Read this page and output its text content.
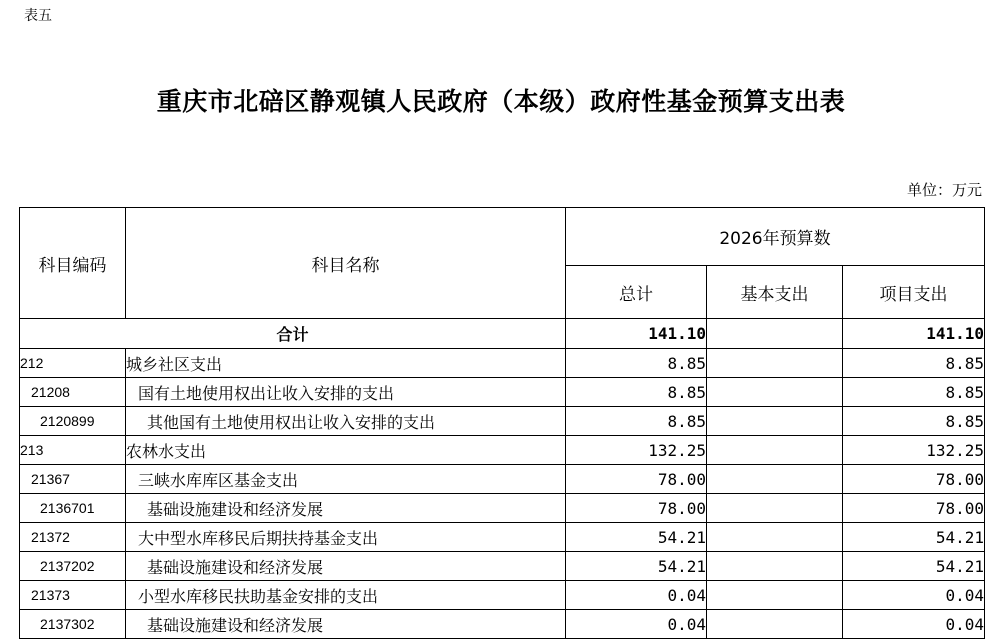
表五
重庆市北碚区静观镇人民政府（本级）政府性基金预算支出表
单位：万元
科目编码	科目名称	2026年预算数		
		总计	基本支出	项目支出
合计		141.10		141.10
212	城乡社区支出	8.85		8.85
21208	国有土地使用权出让收入安排的支出	8.85		8.85
2120899	其他国有土地使用权出让收入安排的支出	8.85		8.85
213	农林水支出	132.25		132.25
21367	三峡水库库区基金支出	78.00		78.00
2136701	基础设施建设和经济发展	78.00		78.00
21372	大中型水库移民后期扶持基金支出	54.21		54.21
2137202	基础设施建设和经济发展	54.21		54.21
21373	小型水库移民扶助基金安排的支出	0.04		0.04
2137302	基础设施建设和经济发展	0.04		0.04
